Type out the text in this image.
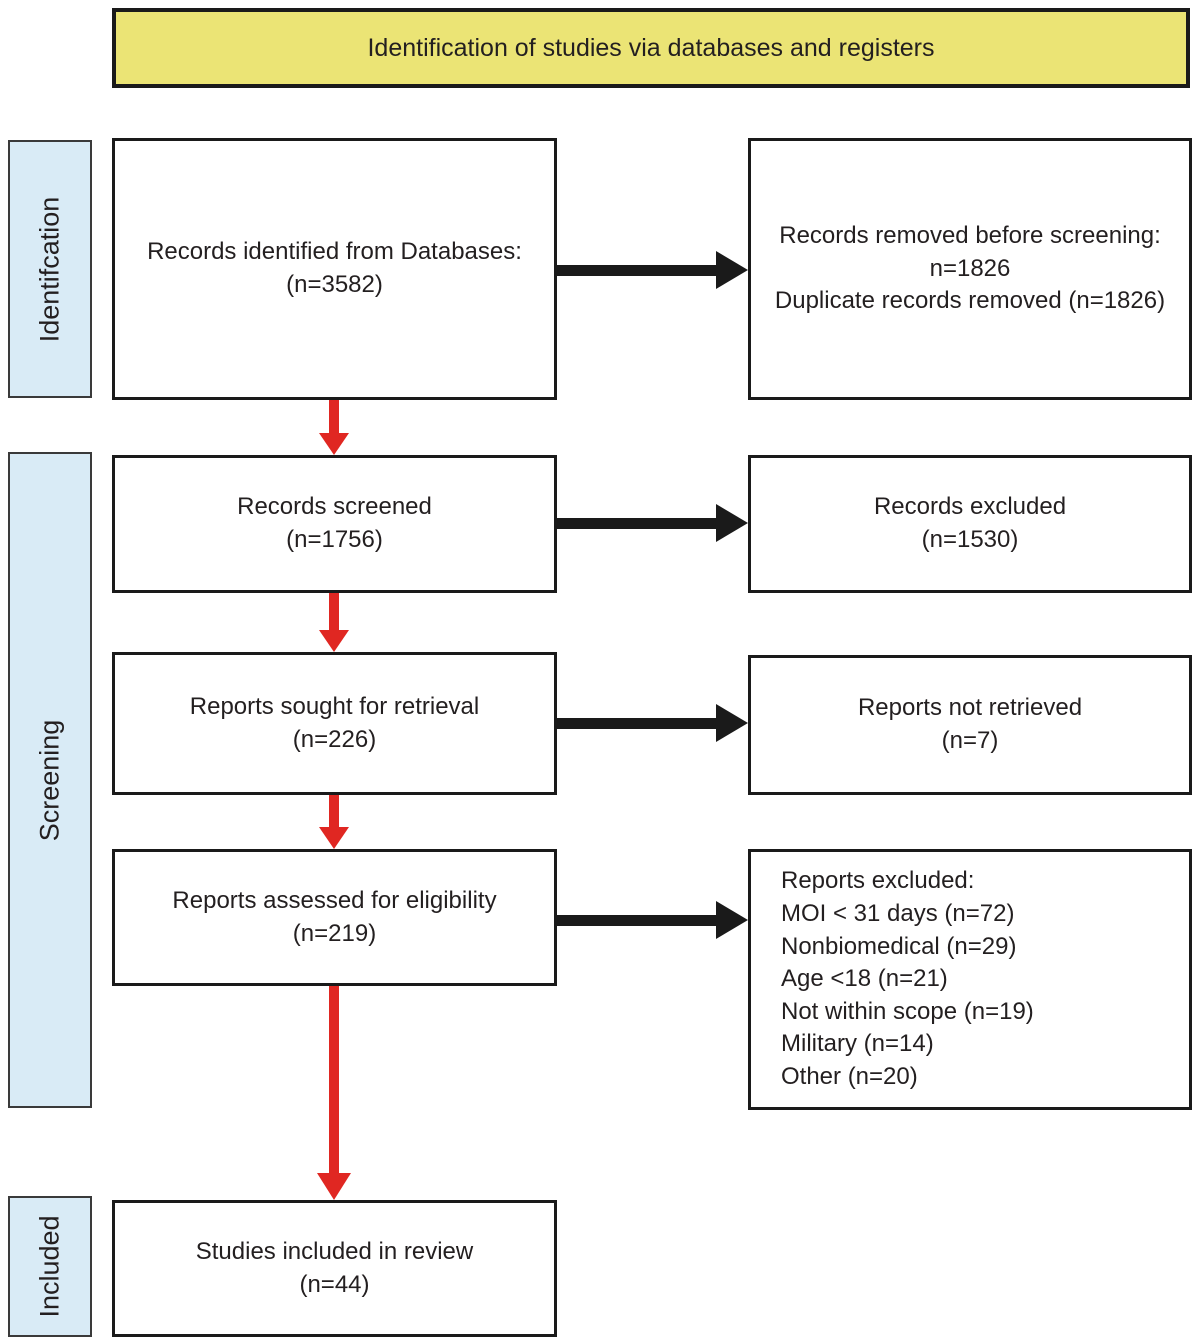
Identification of studies via databases and registers
Identifcation
Screening
Included
Records identified from Databases:
(n=3582)
Records removed before screening:
n=1826
Duplicate records removed (n=1826)
Records screened
(n=1756)
Records excluded
(n=1530)
Reports sought for retrieval
(n=226)
Reports not retrieved
(n=7)
Reports assessed for eligibility
(n=219)
Reports excluded:
MOI < 31 days (n=72)
Nonbiomedical (n=29)
Age <18 (n=21)
Not within scope (n=19)
Military (n=14)
Other (n=20)
Studies included in review
(n=44)
